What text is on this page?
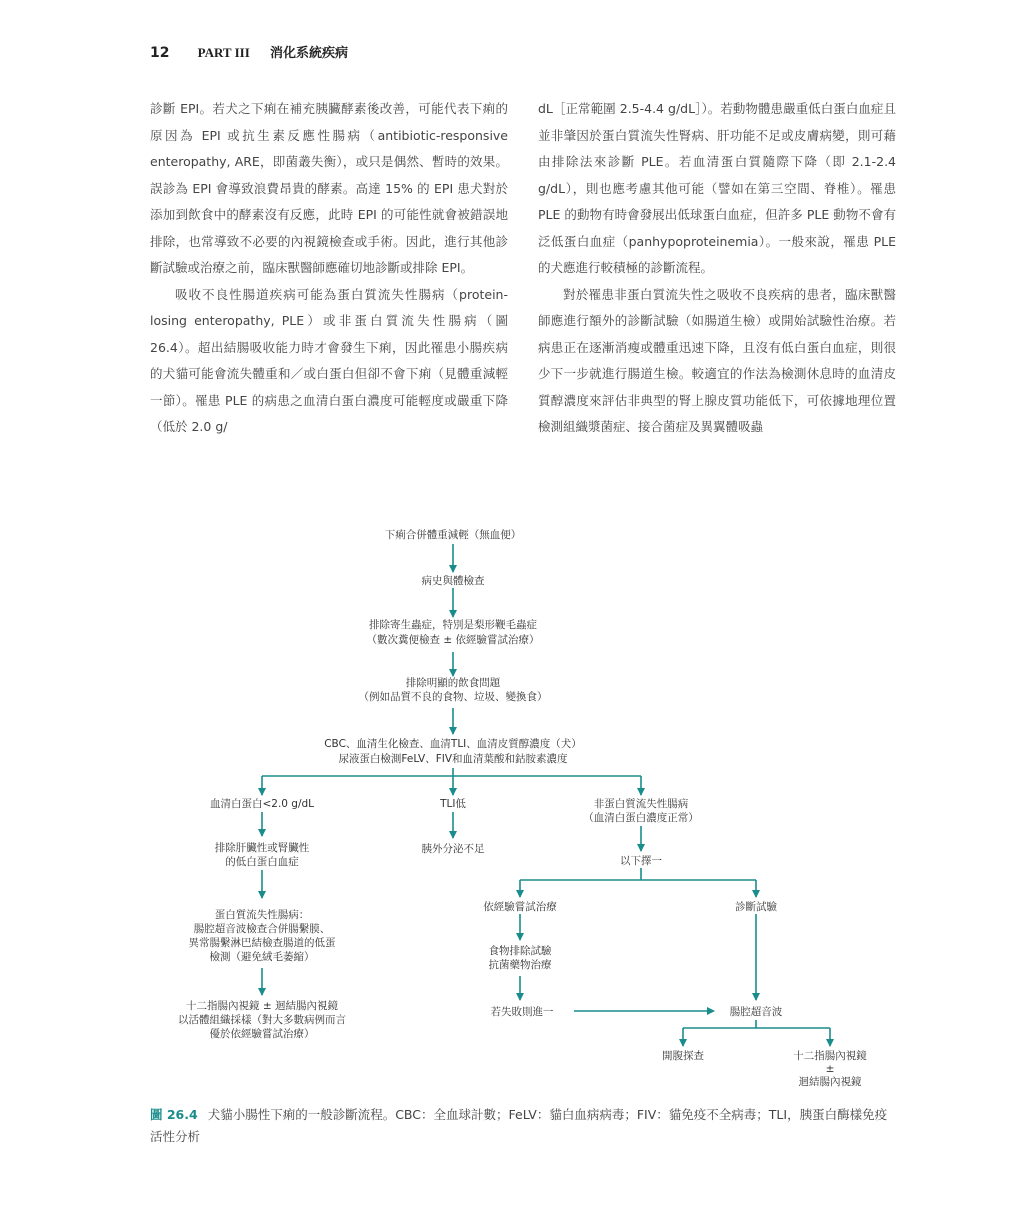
12 PART III 消化系統疾病

診斷 EPI。若犬之下痢在補充胰臟酵素後改善，可能代表下痢的原因為 EPI 或抗生素反應性腸病（antibiotic-responsive enteropathy, ARE，即菌叢失衡），或只是偶然、暫時的效果。誤診為 EPI 會導致浪費昂貴的酵素。高達 15% 的 EPI 患犬對於添加到飲食中的酵素沒有反應，此時 EPI 的可能性就會被錯誤地排除，也常導致不必要的內視鏡檢查或手術。因此，進行其他診斷試驗或治療之前，臨床獸醫師應確切地診斷或排除 EPI。

吸收不良性腸道疾病可能為蛋白質流失性腸病（protein-losing enteropathy, PLE）或非蛋白質流失性腸病（圖 26.4）。超出結腸吸收能力時才會發生下痢，因此罹患小腸疾病的犬貓可能會流失體重和／或白蛋白但卻不會下痢（見體重減輕一節）。罹患 PLE 的病患之血清白蛋白濃度可能輕度或嚴重下降（低於 2.0 g/

dL［正常範圍 2.5-4.4 g/dL］）。若動物體患嚴重低白蛋白血症且並非肇因於蛋白質流失性腎病、肝功能不足或皮膚病變，則可藉由排除法來診斷 PLE。若血清蛋白質隨際下降（即 2.1-2.4 g/dL），則也應考慮其他可能（譬如在第三空間、脊椎）。罹患 PLE 的動物有時會發展出低球蛋白血症，但許多 PLE 動物不會有泛低蛋白血症（panhypoproteinemia）。一般來說，罹患 PLE 的犬應進行較積極的診斷流程。

對於罹患非蛋白質流失性之吸收不良疾病的患者，臨床獸醫師應進行額外的診斷試驗（如腸道生檢）或開始試驗性治療。若病患正在逐漸消瘦或體重迅速下降，且沒有低白蛋白血症，則很少下一步就進行腸道生檢。較適宜的作法為檢測休息時的血清皮質醇濃度來評估非典型的腎上腺皮質功能低下，可依據地理位置檢測組織漿菌症、接合菌症及異翼體吸蟲

下痢合併體重減輕（無血便）
病史與體檢查
排除寄生蟲症，特別是梨形鞭毛蟲症
（數次糞便檢查 ± 依經驗嘗試治療）
排除明顯的飲食問題
（例如品質不良的食物、垃圾、變換食）
CBC、血清生化檢查、血清TLI、血清皮質醇濃度（犬）
尿液蛋白檢測FeLV、FIV和血清葉酸和鈷胺素濃度
血清白蛋白<2.0 g/dL	TLI低	非蛋白質流失性腸病
（血清白蛋白濃度正常）
排除肝臟性或腎臟性
的低白蛋白血症
胰外分泌不足
以下擇一
蛋白質流失性腸病：
腸腔超音波檢查合併腸繫膜、
異常腸繫淋巴結檢查腸道的低蛋
檢測（避免絨毛萎縮）
依經驗嘗試治療	診斷試驗
食物排除試驗
抗菌藥物治療
十二指腸內視鏡 ± 迴結腸內視鏡
以活體組織採樣（對大多數病例而言
優於依經驗嘗試治療）
若失敗則進一	腸腔超音波
開腹探查	十二指腸內視鏡
±
迴結腸內視鏡
圖 26.4 犬貓小腸性下痢的一般診斷流程。CBC：全血球計數；FeLV：貓白血病病毒；FIV：貓免疫不全病毒；TLI，胰蛋白酶樣免疫活性分析
